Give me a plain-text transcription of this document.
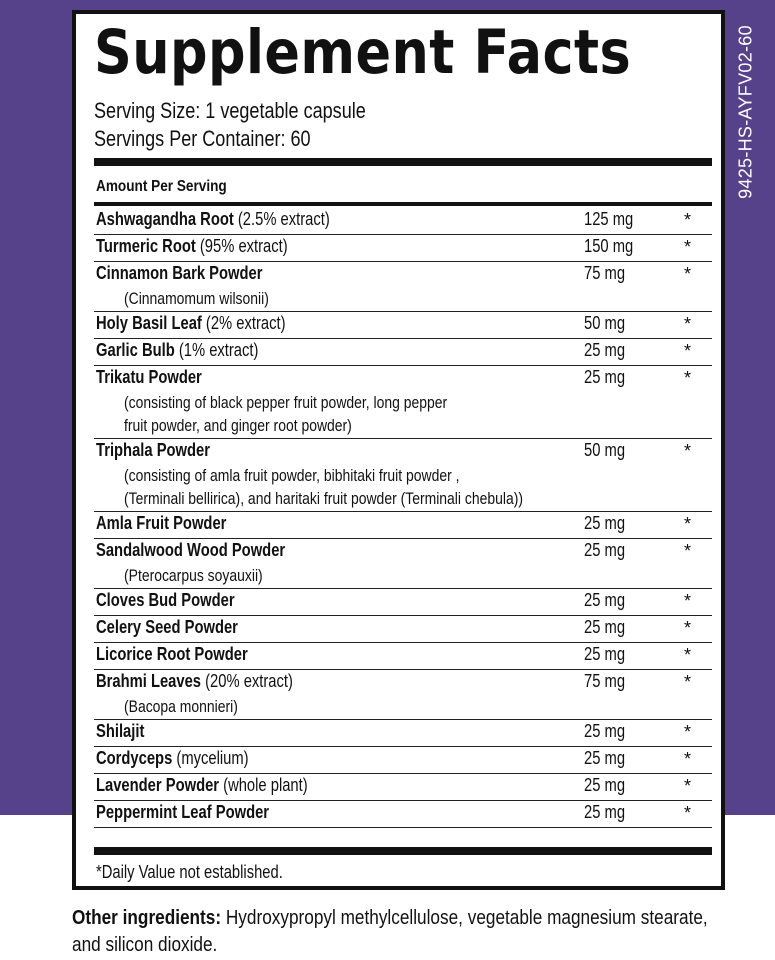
9425-HS-AYFV02-60
Supplement Facts
Serving Size: 1 vegetable capsule
Servings Per Container: 60
Amount Per Serving
Ashwagandha Root (2.5% extract)	125 mg	*
Turmeric Root (95% extract)	150 mg	*
Cinnamon Bark Powder
(Cinnamomum wilsonii)
75 mg	*
Holy Basil Leaf (2% extract)	50 mg	*
Garlic Bulb (1% extract)	25 mg	*
Trikatu Powder
(consisting of black pepper fruit powder, long pepper
fruit powder, and ginger root powder)
25 mg	*
Triphala Powder
(consisting of amla fruit powder, bibhitaki fruit powder ,
(Terminali bellirica), and haritaki fruit powder (Terminali chebula))
50 mg	*
Amla Fruit Powder	25 mg	*
Sandalwood Wood Powder
(Pterocarpus soyauxii)
25 mg	*
Cloves Bud Powder	25 mg	*
Celery Seed Powder	25 mg	*
Licorice Root Powder	25 mg	*
Brahmi Leaves (20% extract)
(Bacopa monnieri)
75 mg	*
Shilajit	25 mg	*
Cordyceps (mycelium)	25 mg	*
Lavender Powder (whole plant)	25 mg	*
Peppermint Leaf Powder	25 mg	*
*Daily Value not established.
Other ingredients: Hydroxypropyl methylcellulose, vegetable magnesium stearate,
and silicon dioxide.
